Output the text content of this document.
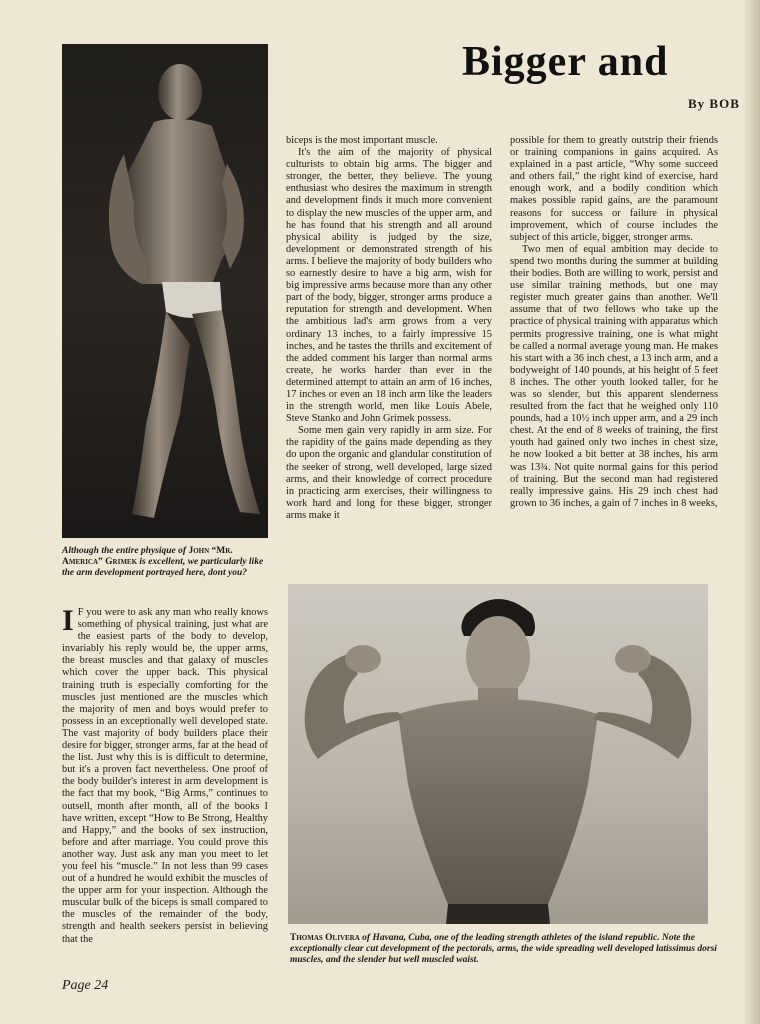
Bigger and
By BOB
Although the entire physique of John “Mr. America” Grimek is excellent, we particularly like the arm development portrayed here, dont you?

I F you were to ask any man who really knows something of physical training, just what are the easiest parts of the body to develop, invariably his reply would be, the upper arms, the breast muscles and that galaxy of muscles which cover the upper back. This physical training truth is especially comforting for the muscles just mentioned are the muscles which the majority of men and boys would prefer to possess in an exceptionally well developed state. The vast majority of body builders place their desire for bigger, stronger arms, far at the head of the list. Just why this is is difficult to determine, but it's a proven fact nevertheless. One proof of the body builder's interest in arm development is the fact that my book, “Big Arms,” continues to outsell, month after month, all of the books I have written, except “How to Be Strong, Healthy and Happy,” and the books of sex instruction, before and after marriage. You could prove this another way. Just ask any man you meet to let you feel his “muscle.” In not less than 99 cases out of a hundred he would exhibit the muscles of the upper arm for your inspection. Although the muscular bulk of the biceps is small compared to the muscles of the remainder of the body, strength and health seekers persist in believing that the

biceps is the most important muscle.

It's the aim of the majority of physical culturists to obtain big arms. The bigger and stronger, the better, they believe. The young enthusiast who desires the maximum in strength and development finds it much more convenient to display the new muscles of the upper arm, and he has found that his strength and all around physical ability is judged by the size, development or demonstrated strength of his arms. I believe the majority of body builders who so earnestly desire to have a big arm, wish for big impressive arms because more than any other part of the body, bigger, stronger arms produce a reputation for strength and development. When the ambitious lad's arm grows from a very ordinary 13 inches, to a fairly impressive 15 inches, and he tastes the thrills and excitement of the added comment his larger than normal arms create, he works harder than ever in the determined attempt to attain an arm of 16 inches, 17 inches or even an 18 inch arm like the leaders in the strength world, men like Louis Abele, Steve Stanko and John Grimek possess.

Some men gain very rapidly in arm size. For the rapidity of the gains made depending as they do upon the organic and glandular constitution of the seeker of strong, well developed, large sized arms, and their knowledge of correct procedure in practicing arm exercises, their willingness to work hard and long for these bigger, stronger arms make it

possible for them to greatly outstrip their friends or training companions in gains acquired. As explained in a past article, “Why some succeed and others fail,” the right kind of exercise, hard enough work, and a bodily condition which makes possible rapid gains, are the paramount reasons for success or failure in physical improvement, which of course includes the subject of this article, bigger, stronger arms.

Two men of equal ambition may decide to spend two months during the summer at building their bodies. Both are willing to work, persist and use similar training methods, but one may register much greater gains than another. We'll assume that of two fellows who take up the practice of physical training with apparatus which permits progressive training, one is what might be called a normal average young man. He makes his start with a 36 inch chest, a 13 inch arm, and a bodyweight of 140 pounds, at his height of 5 feet 8 inches. The other youth looked taller, for he was so slender, but this apparent slenderness resulted from the fact that he weighed only 110 pounds, had a 10½ inch upper arm, and a 29 inch chest. At the end of 8 weeks of training, the first youth had gained only two inches in chest size, he now looked a bit better at 38 inches, his arm was 13¾. Not quite normal gains for this period of training. But the second man had registered really impressive gains. His 29 inch chest had grown to 36 inches, a gain of 7 inches in 8 weeks,

Thomas Olivera of Havana, Cuba, one of the leading strength athletes of the island republic. Note the exceptionally clear cut development of the pectorals, arms, the wide spreading well developed latissimus dorsi muscles, and the slender but well muscled waist.
Page 24
